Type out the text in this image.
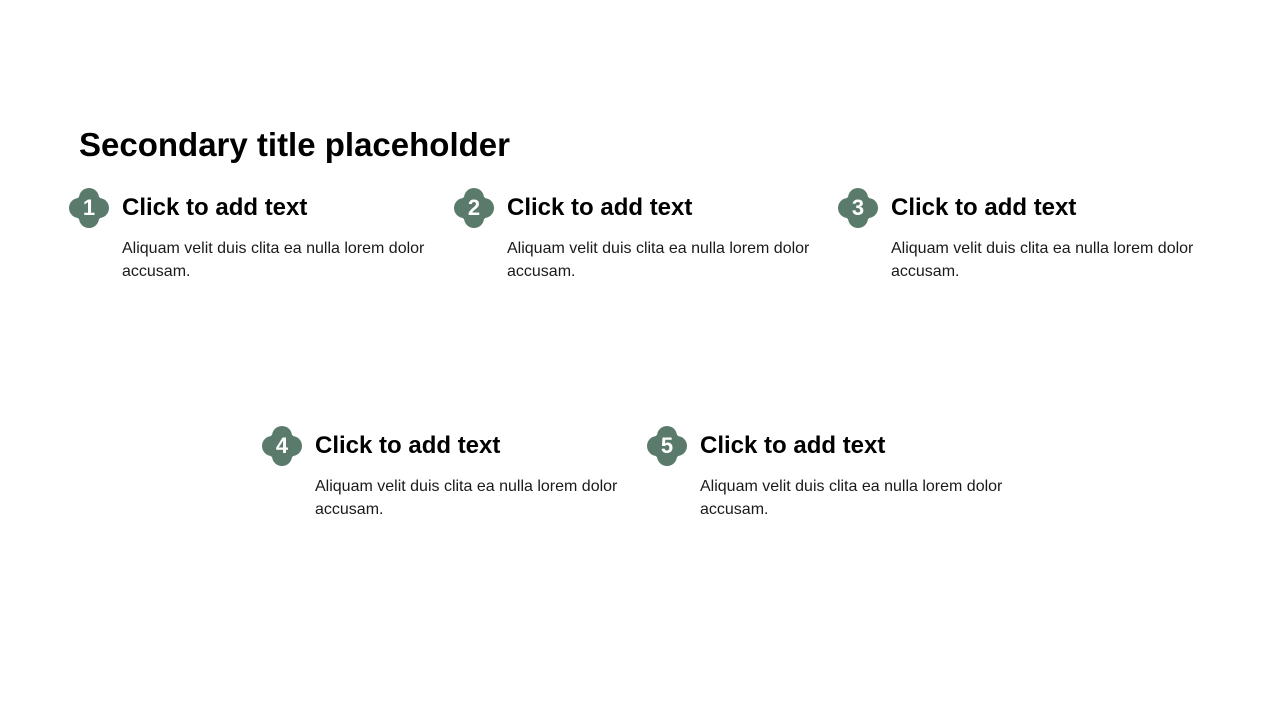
Secondary title placeholder
1	Click to add text

Aliquam velit duis clita ea nulla lorem dolor accusam.

2	Click to add text

Aliquam velit duis clita ea nulla lorem dolor accusam.

3	Click to add text

Aliquam velit duis clita ea nulla lorem dolor accusam.

4	Click to add text

Aliquam velit duis clita ea nulla lorem dolor accusam.

5	Click to add text

Aliquam velit duis clita ea nulla lorem dolor accusam.
